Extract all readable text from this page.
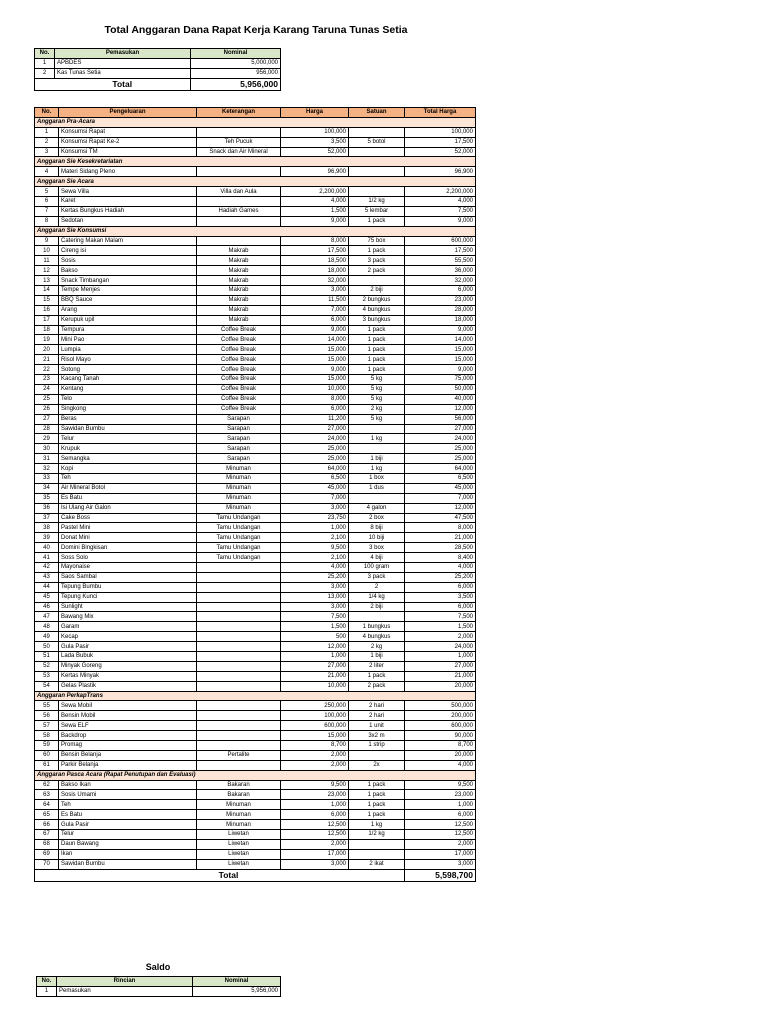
Total Anggaran Dana Rapat Kerja Karang Taruna Tunas Setia
No.	Pemasukan	Nominal
1	APBDES	5,000,000
2	Kas Tunas Setia	956,000
	Total	5,956,000
No.	Pengeluaran	Keterangan	Harga	Satuan	Total Harga
Anggaran Pra-Acara					
1	Konsumsi Rapat		100,000		100,000
2	Konsumsi Rapat Ke-2	Teh Pucuk	3,500	5 botol	17,500
3	Konsumsi TM	Snack dan Air Mineral	52,000		52,000
Anggaran Sie Kesekretariatan					
4	Materi Sidang Pleno		96,900		96,900
Anggaran Sie Acara					
5	Sewa Villa	Villa dan Aula	2,200,000		2,200,000
6	Karet		4,000	1/2 kg	4,000
7	Kertas Bungkus Hadiah	Hadiah Games	1,500	5 lembar	7,500
8	Sedotan		9,000	1 pack	9,000
Anggaran Sie Konsumsi					
9	Catering Makan Malam		8,000	75 box	600,000
10	Cireng isi	Makrab	17,500	1 pack	17,500
11	Sosis	Makrab	18,500	3 pack	55,500
12	Bakso	Makrab	18,000	2 pack	36,000
13	Snack Timbangan	Makrab	32,000		32,000
14	Tempe Menjes	Makrab	3,000	2 biji	6,000
15	BBQ Sauce	Makrab	11,500	2 bungkus	23,000
16	Arang	Makrab	7,000	4 bungkus	28,000
17	Kerupuk upil	Makrab	6,000	3 bungkus	18,000
18	Tempura	Coffee Break	9,000	1 pack	9,000
19	Mini Pao	Coffee Break	14,000	1 pack	14,000
20	Lumpia	Coffee Break	15,000	1 pack	15,000
21	Risol Mayo	Coffee Break	15,000	1 pack	15,000
22	Sotong	Coffee Break	9,000	1 pack	9,000
23	Kacang Tanah	Coffee Break	15,000	5 kg	75,000
24	Kentang	Coffee Break	10,000	5 kg	50,000
25	Telo	Coffee Break	8,000	5 kg	40,000
26	Singkong	Coffee Break	6,000	2 kg	12,000
27	Beras	Sarapan	11,200	5 kg	56,000
28	Sawidan Bumbu	Sarapan	27,000		27,000
29	Telur	Sarapan	24,000	1 kg	24,000
30	Krupuk	Sarapan	25,000		25,000
31	Semangka	Sarapan	25,000	1 biji	25,000
32	Kopi	Minuman	64,000	1 kg	64,000
33	Teh	Minuman	6,500	1 box	6,500
34	Air Mineral Botol	Minuman	45,000	1 dus	45,000
35	Es Batu	Minuman	7,000		7,000
36	Isi Ulang Air Galon	Minuman	3,000	4 galon	12,000
37	Cake Boss	Tamu Undangan	23,750	2 box	47,500
38	Pastel Mini	Tamu Undangan	1,000	8 biji	8,000
39	Donat Mini	Tamu Undangan	2,100	10 biji	21,000
40	Domini Bingkisan	Tamu Undangan	9,500	3 box	28,500
41	Soss Solo	Tamu Undangan	2,100	4 biji	8,400
42	Mayonaise		4,000	100 gram	4,000
43	Saos Sambal		25,200	3 pack	25,200
44	Tepung Bumbu		3,000	2	6,000
45	Tepung Kunci		13,000	1/4 kg	3,500
46	Sunlight		3,000	2 biji	6,000
47	Bawang Mix		7,500		7,500
48	Garam		1,500	1 bungkus	1,500
49	Kecap		500	4 bungkus	2,000
50	Gula Pasir		12,000	2 kg	24,000
51	Lada Bubuk		1,000	1 biji	1,000
52	Minyak Goreng		27,000	2 liter	27,000
53	Kertas Minyak		21,000	1 pack	21,000
54	Gelas Plastik		10,000	2 pack	20,000
Anggaran PerkapTrans					
55	Sewa Mobil		250,000	2 hari	500,000
56	Bensin Mobil		100,000	2 hari	200,000
57	Sewa ELF		600,000	1 unit	600,000
58	Backdrop		15,000	3x2 m	90,000
59	Promag		8,700	1 strip	8,700
60	Bensin Belanja	Pertalite	2,000		20,000
61	Parkir Belanja		2,000	2x	4,000
Anggaran Pasca Acara (Rapat Penutupan dan Evaluasi)					
62	Bakso Ikan	Bakaran	9,500	1 pack	9,500
63	Sosis Umami	Bakaran	23,000	1 pack	23,000
64	Teh	Minuman	1,000	1 pack	1,000
65	Es Batu	Minuman	6,000	1 pack	6,000
66	Gula Pasir	Minuman	12,500	1 kg	12,500
67	Telur	Liwetan	12,500	1/2 kg	12,500
68	Daun Bawang	Liwetan	2,000		2,000
69	Ikan	Liwetan	17,000		17,000
70	Sawidan Bumbu	Liwetan	3,000	2 ikat	3,000
Total					5,598,700
Saldo
No.	Rincian	Nominal
1	Pemasukan	5,956,000
